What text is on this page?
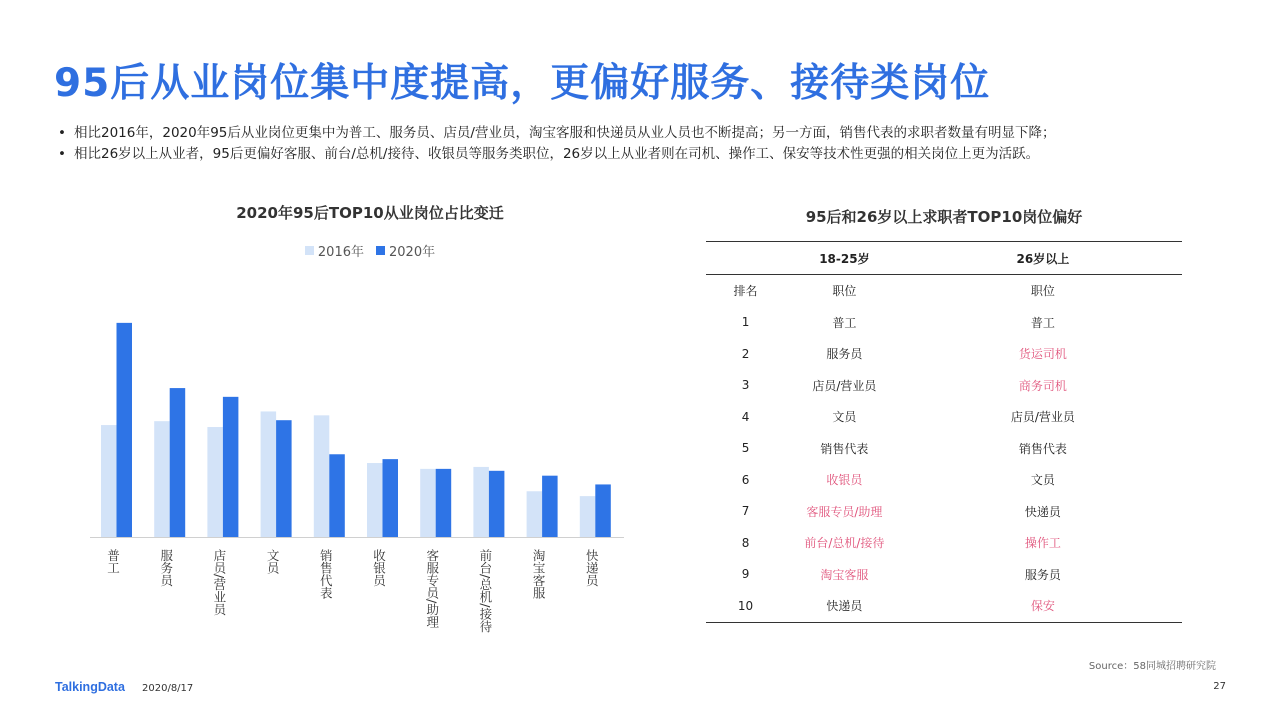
95后从业岗位集中度提高，更偏好服务、接待类岗位
• 相比2016年，2020年95后从业岗位更集中为普工、服务员、店员/营业员，淘宝客服和快递员从业人员也不断提高；另一方面，销售代表的求职者数量有明显下降；
• 相比26岁以上从业者，95后更偏好客服、前台/总机/接待、收银员等服务类职位，26岁以上从业者则在司机、操作工、保安等技术性更强的相关岗位上更为活跃。
2020年95后TOP10从业岗位占比变迁
2016年 2020年
普工	服务员	店员/营业员	文员	销售代表	收银员	客服专员/助理	前台/总机/接待	淘宝客服	快递员
95后和26岁以上求职者TOP10岗位偏好
	18-25岁	26岁以上
排名	职位	职位
1	普工	普工
2	服务员	货运司机
3	店员/营业员	商务司机
4	文员	店员/营业员
5	销售代表	销售代表
6	收银员	文员
7	客服专员/助理	快递员
8	前台/总机/接待	操作工
9	淘宝客服	服务员
10	快递员	保安
Source：58同城招聘研究院
TalkingData 2020/8/17	27
